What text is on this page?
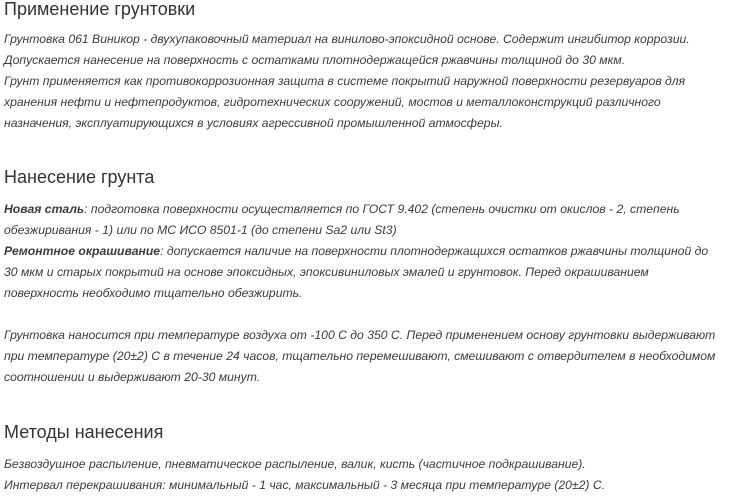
Применение грунтовки

Грунтовка 061 Виникор - двухупаковочный материал на винилово-эпоксидной основе. Содержит ингибитор коррозии.

Допускается нанесение на поверхность с остатками плотнодержащейся ржавчины толщиной до 30 мкм.

Грунт применяется как противокоррозионная защита в системе покрытий наружной поверхности резервуаров для

хранения нефти и нефтепродуктов, гидротехнических сооружений, мостов и металлоконструкций различного

назначения, эксплуатирующихся в условиях агрессивной промышленной атмосферы.

Нанесение грунта

Новая сталь: подготовка поверхности осуществляется по ГОСТ 9.402 (степень очистки от окислов - 2, степень

обезжиривания - 1) или по МС ИСО 8501-1 (до степени Sa2 или St3)

Ремонтное окрашивание: допускается наличие на поверхности плотнодержащихся остатков ржавчины толщиной до

30 мкм и старых покрытий на основе эпоксидных, эпоксивиниловых эмалей и грунтовок. Перед окрашиванием

поверхность необходимо тщательно обезжирить.

Грунтовка наносится при температуре воздуха от -100 С до 350 С. Перед применением основу грунтовки выдерживают

при температуре (20±2) С в течение 24 часов, тщательно перемешивают, смешивают с отвердителем в необходимом

соотношении и выдерживают 20-30 минут.

Методы нанесения

Безвоздушное распыление, пневматическое распыление, валик, кисть (частичное подкрашивание).

Интервал перекрашивания: минимальный - 1 час, максимальный - 3 месяца при температуре (20±2) С.
